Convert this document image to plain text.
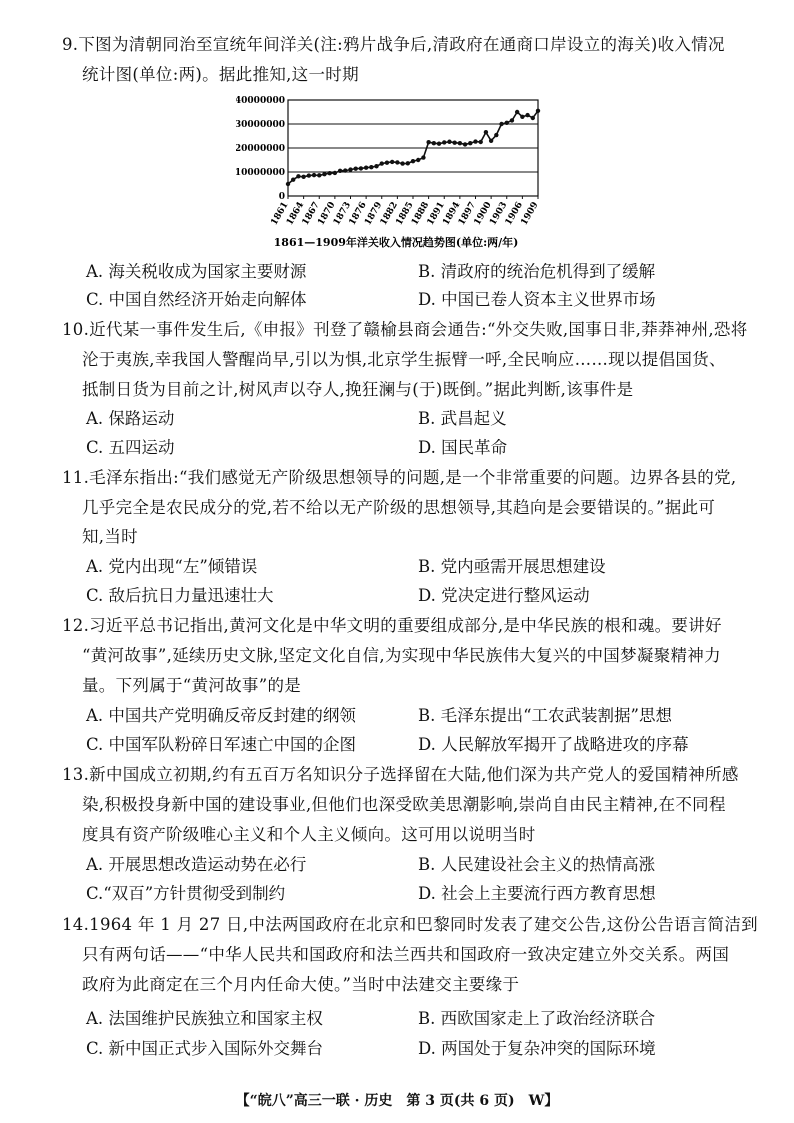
9.下图为清朝同治至宣统年间洋关(注:鸦片战争后,清政府在通商口岸设立的海关)收入情况
统计图(单位:两)。据此推知,这一时期
0
10000000
20000000
30000000
40000000
1861
1864
1867
1870
1873
1876
1879
1882
1885
1888
1891
1894
1897
1900
1903
1906
1909
1861—1909年洋关收入情况趋势图(单位:两/年)
A. 海关税收成为国家主要财源	B. 清政府的统治危机得到了缓解
C. 中国自然经济开始走向解体	D. 中国已卷人资本主义世界市场
10.近代某一事件发生后,《申报》刊登了赣榆县商会通告:“外交失败,国事日非,莽莽神州,恐将
沦于夷族,幸我国人警醒尚早,引以为惧,北京学生振臂一呼,全民响应……现以提倡国货、
抵制日货为目前之计,树风声以夺人,挽狂澜与(于)既倒。”据此判断,该事件是
A. 保路运动	B. 武昌起义
C. 五四运动	D. 国民革命
11.毛泽东指出:“我们感觉无产阶级思想领导的问题,是一个非常重要的问题。边界各县的党,
几乎完全是农民成分的党,若不给以无产阶级的思想领导,其趋向是会要错误的。”据此可
知,当时
A. 党内出现“左”倾错误	B. 党内亟需开展思想建设
C. 敌后抗日力量迅速壮大	D. 党决定进行整风运动
12.习近平总书记指出,黄河文化是中华文明的重要组成部分,是中华民族的根和魂。要讲好
“黄河故事”,延续历史文脉,坚定文化自信,为实现中华民族伟大复兴的中国梦凝聚精神力
量。下列属于“黄河故事”的是
A. 中国共产党明确反帝反封建的纲领	B. 毛泽东提出“工农武装割据”思想
C. 中国军队粉碎日军速亡中国的企图	D. 人民解放军揭开了战略进攻的序幕
13.新中国成立初期,约有五百万名知识分子选择留在大陆,他们深为共产党人的爱国精神所感
染,积极投身新中国的建设事业,但他们也深受欧美思潮影响,崇尚自由民主精神,在不同程
度具有资产阶级唯心主义和个人主义倾向。这可用以说明当时
A. 开展思想改造运动势在必行	B. 人民建设社会主义的热情高涨
C.“双百”方针贯彻受到制约	D. 社会上主要流行西方教育思想
14.1964 年 1 月 27 日,中法两国政府在北京和巴黎同时发表了建交公告,这份公告语言简洁到
只有两句话——“中华人民共和国政府和法兰西共和国政府一致决定建立外交关系。两国
政府为此商定在三个月内任命大使。”当时中法建交主要缘于
A. 法国维护民族独立和国家主权	B. 西欧国家走上了政治经济联合
C. 新中国正式步入国际外交舞台	D. 两国处于复杂冲突的国际环境
【“皖八”高三一联 · 历史　第 3 页(共 6 页)　W】
